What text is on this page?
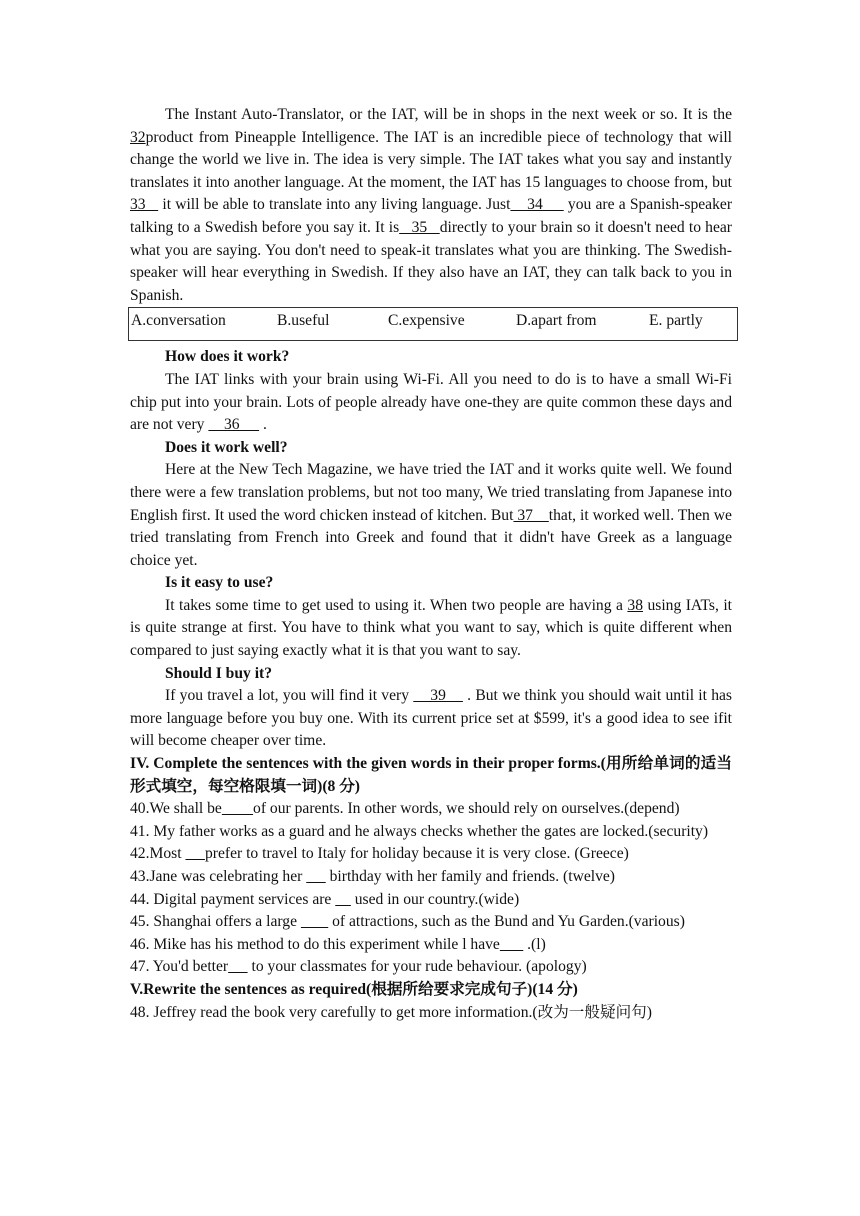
The Instant Auto-Translator, or the IAT, will be in shops in the next week or so. It is the 32product from Pineapple Intelligence. The IAT is an incredible piece of technology that will change the world we live in. The idea is very simple. The IAT takes what you say and instantly translates it into another language. At the moment, the IAT has 15 languages to choose from, but 33    it will be able to translate into any living language. Just    34      you are a Spanish-speaker talking to a Swedish before you say it. It is   35   directly to your brain so it doesn't need to hear what you are saying. You don't need to speak-it translates what you are thinking. The Swedish-speaker will hear everything in Swedish. If they also have an IAT, they can talk back to you in Spanish.

A.conversation	B.useful	C.expensive	D.apart from	E. partly

How does it work?

The IAT links with your brain using Wi-Fi. All you need to do is to have a small Wi-Fi chip put into your brain. Lots of people already have one-they are quite common these days and are not very     36      .

Does it work well?

Here at the New Tech Magazine, we have tried the IAT and it works quite well. We found there were a few translation problems, but not too many, We tried translating from Japanese into English first. It used the word chicken instead of kitchen. But 37    that, it worked well. Then we tried translating from French into Greek and found that it didn't have Greek as a language choice yet.

Is it easy to use?

It takes some time to get used to using it. When two people are having a 38 using IATs, it is quite strange at first. You have to think what you want to say, which is quite different when compared to just saying exactly what it is that you want to say.

Should I buy it?

If you travel a lot, you will find it very     39     . But we think you should wait until it has more language before you buy one. With its current price set at $599, it's a good idea to see ifit will become cheaper over time.

IV. Complete the sentences with the given words in their proper forms.(用所给单词的适当形式填空，每空格限填一词)(8 分)

40.We shall be of our parents. In other words, we should rely on ourselves.(depend)

41. My father works as a guard and he always checks whether the gates are locked.(security)

42.Most      prefer to travel to Italy for holiday because it is very close. (Greece)

43.Jane was celebrating her       birthday with her family and friends. (twelve)

44. Digital payment services are      used in our country.(wide)

45. Shanghai offers a large         of attractions, such as the Bund and Yu Garden.(various)

46. Mike has his method to do this experiment while l have       .(l)

47. You'd better      to your classmates for your rude behaviour. (apology)

V.Rewrite the sentences as required(根据所给要求完成句子)(14 分)

48. Jeffrey read the book very carefully to get more information.(改为一般疑问句)
